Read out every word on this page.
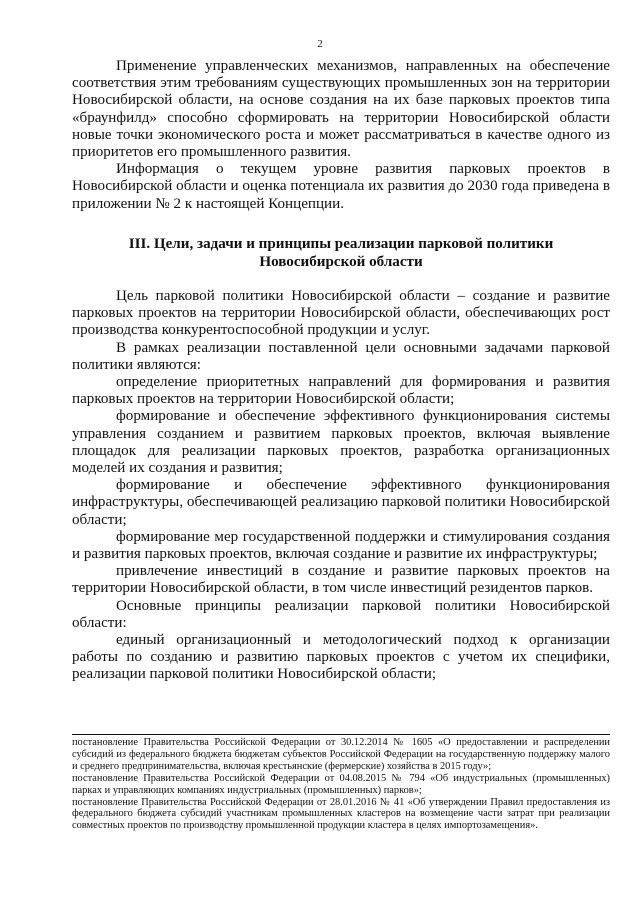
2

Применение управленческих механизмов, направленных на обеспечение соответствия этим требованиям существующих промышленных зон на территории Новосибирской области, на основе создания на их базе парковых проектов типа «браунфилд» способно сформировать на территории Новосибирской области новые точки экономического роста и может рассматриваться в качестве одного из приоритетов его промышленного развития.

Информация о текущем уровне развития парковых проектов в Новосибирской области и оценка потенциала их развития до 2030 года приведена в приложении № 2 к настоящей Концепции.

III. Цели, задачи и принципы реализации парковой политики
Новосибирской области

Цель парковой политики Новосибирской области – создание и развитие парковых проектов на территории Новосибирской области, обеспечивающих рост производства конкурентоспособной продукции и услуг.

В рамках реализации поставленной цели основными задачами парковой политики являются:

определение приоритетных направлений для формирования и развития парковых проектов на территории Новосибирской области;

формирование и обеспечение эффективного функционирования системы управления созданием и развитием парковых проектов, включая выявление площадок для реализации парковых проектов, разработка организационных моделей их создания и развития;

формирование и обеспечение эффективного функционирования инфраструктуры, обеспечивающей реализацию парковой политики Новосибирской области;

формирование мер государственной поддержки и стимулирования создания и развития парковых проектов, включая создание и развитие их инфраструктуры;

привлечение инвестиций в создание и развитие парковых проектов на территории Новосибирской области, в том числе инвестиций резидентов парков.

Основные принципы реализации парковой политики Новосибирской области:

единый организационный и методологический подход к организации работы по созданию и развитию парковых проектов с учетом их специфики, реализации парковой политики Новосибирской области;

постановление Правительства Российской Федерации от 30.12.2014 № 1605 «О предоставлении и распределении субсидий из федерального бюджета бюджетам субъектов Российской Федерации на государственную поддержку малого и среднего предпринимательства, включая крестьянские (фермерские) хозяйства в 2015 году»;

постановление Правительства Российской Федерации от 04.08.2015 № 794 «Об индустриальных (промышленных) парках и управляющих компаниях индустриальных (промышленных) парков»;

постановление Правительства Российской Федерации от 28.01.2016 № 41 «Об утверждении Правил предоставления из федерального бюджета субсидий участникам промышленных кластеров на возмещение части затрат при реализации совместных проектов по производству промышленной продукции кластера в целях импортозамещения».
